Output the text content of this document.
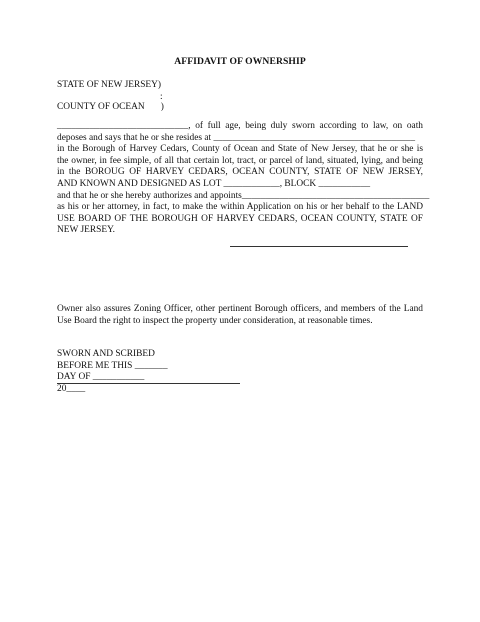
AFFIDAVIT OF OWNERSHIP
STATE OF NEW JERSEY)
:
COUNTY OF OCEAN )
____________________________, of full age, being duly sworn according to law, on oath
deposes and says that he or she resides at ___________________________________________
in the Borough of Harvey Cedars, County of Ocean and State of New Jersey, that he or she is
the owner, in fee simple, of all that certain lot, tract, or parcel of land, situated, lying, and being
in the BOROUG OF HARVEY CEDARS, OCEAN COUNTY, STATE OF NEW JERSEY,
AND KNOWN AND DESIGNED AS LOT ____________, BLOCK ___________
and that he or she hereby authorizes and appoints________________________________________
as his or her attorney, in fact, to make the within Application on his or her behalf to the LAND
USE BOARD OF THE BOROUGH OF HARVEY CEDARS, OCEAN COUNTY, STATE OF
NEW JERSEY.
Owner also assures Zoning Officer, other pertinent Borough officers, and members of the Land Use Board the right to inspect the property under consideration, at reasonable times.
SWORN AND SCRIBED
BEFORE ME THIS _______
DAY OF ___________
20____
